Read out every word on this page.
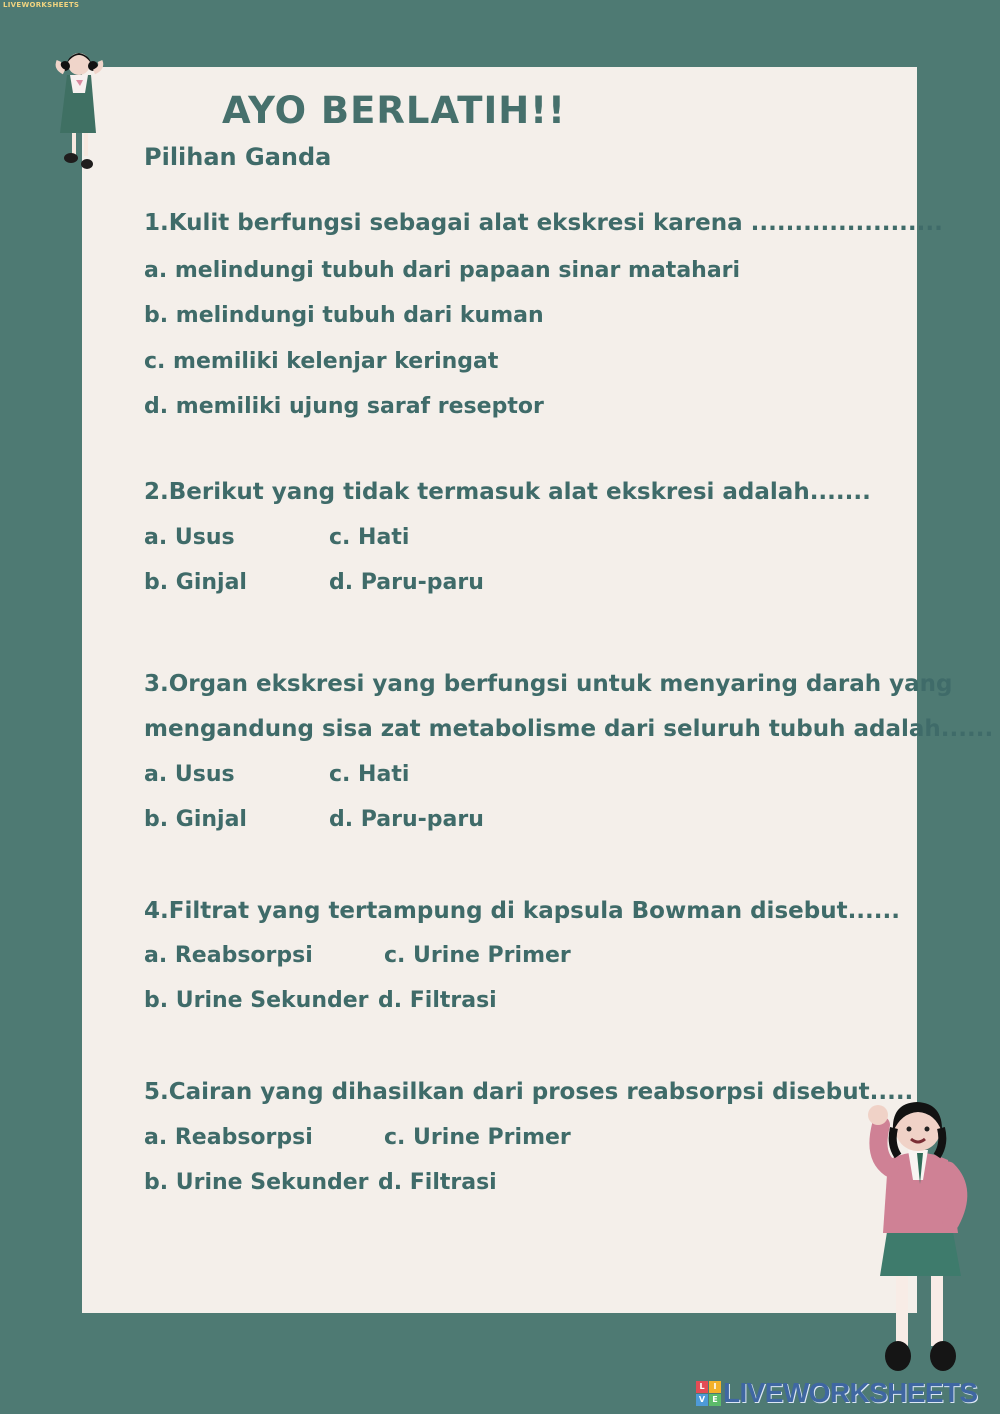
LIVEWORKSHEETS
AYO BERLATIH!!
Pilihan Ganda
1.Kulit berfungsi sebagai alat ekskresi karena ......................
a. melindungi tubuh dari papaan sinar matahari
b. melindungi tubuh dari kuman
c. memiliki kelenjar keringat
d. memiliki ujung saraf reseptor
2.Berikut yang tidak termasuk alat ekskresi adalah.......
a. Usus	c. Hati
b. Ginjal	d. Paru-paru
3.Organ ekskresi yang berfungsi untuk menyaring darah yang
mengandung sisa zat metabolisme dari seluruh tubuh adalah......
a. Usus	c. Hati
b. Ginjal	d. Paru-paru
4.Filtrat yang tertampung di kapsula Bowman disebut......
a. Reabsorpsi	c. Urine Primer
b. Urine Sekunder d. Filtrasi
5.Cairan yang dihasilkan dari proses reabsorpsi disebut.....
a. Reabsorpsi	c. Urine Primer
b. Urine Sekunder d. Filtrasi
L	I
V E LIVEWORKSHEETS
